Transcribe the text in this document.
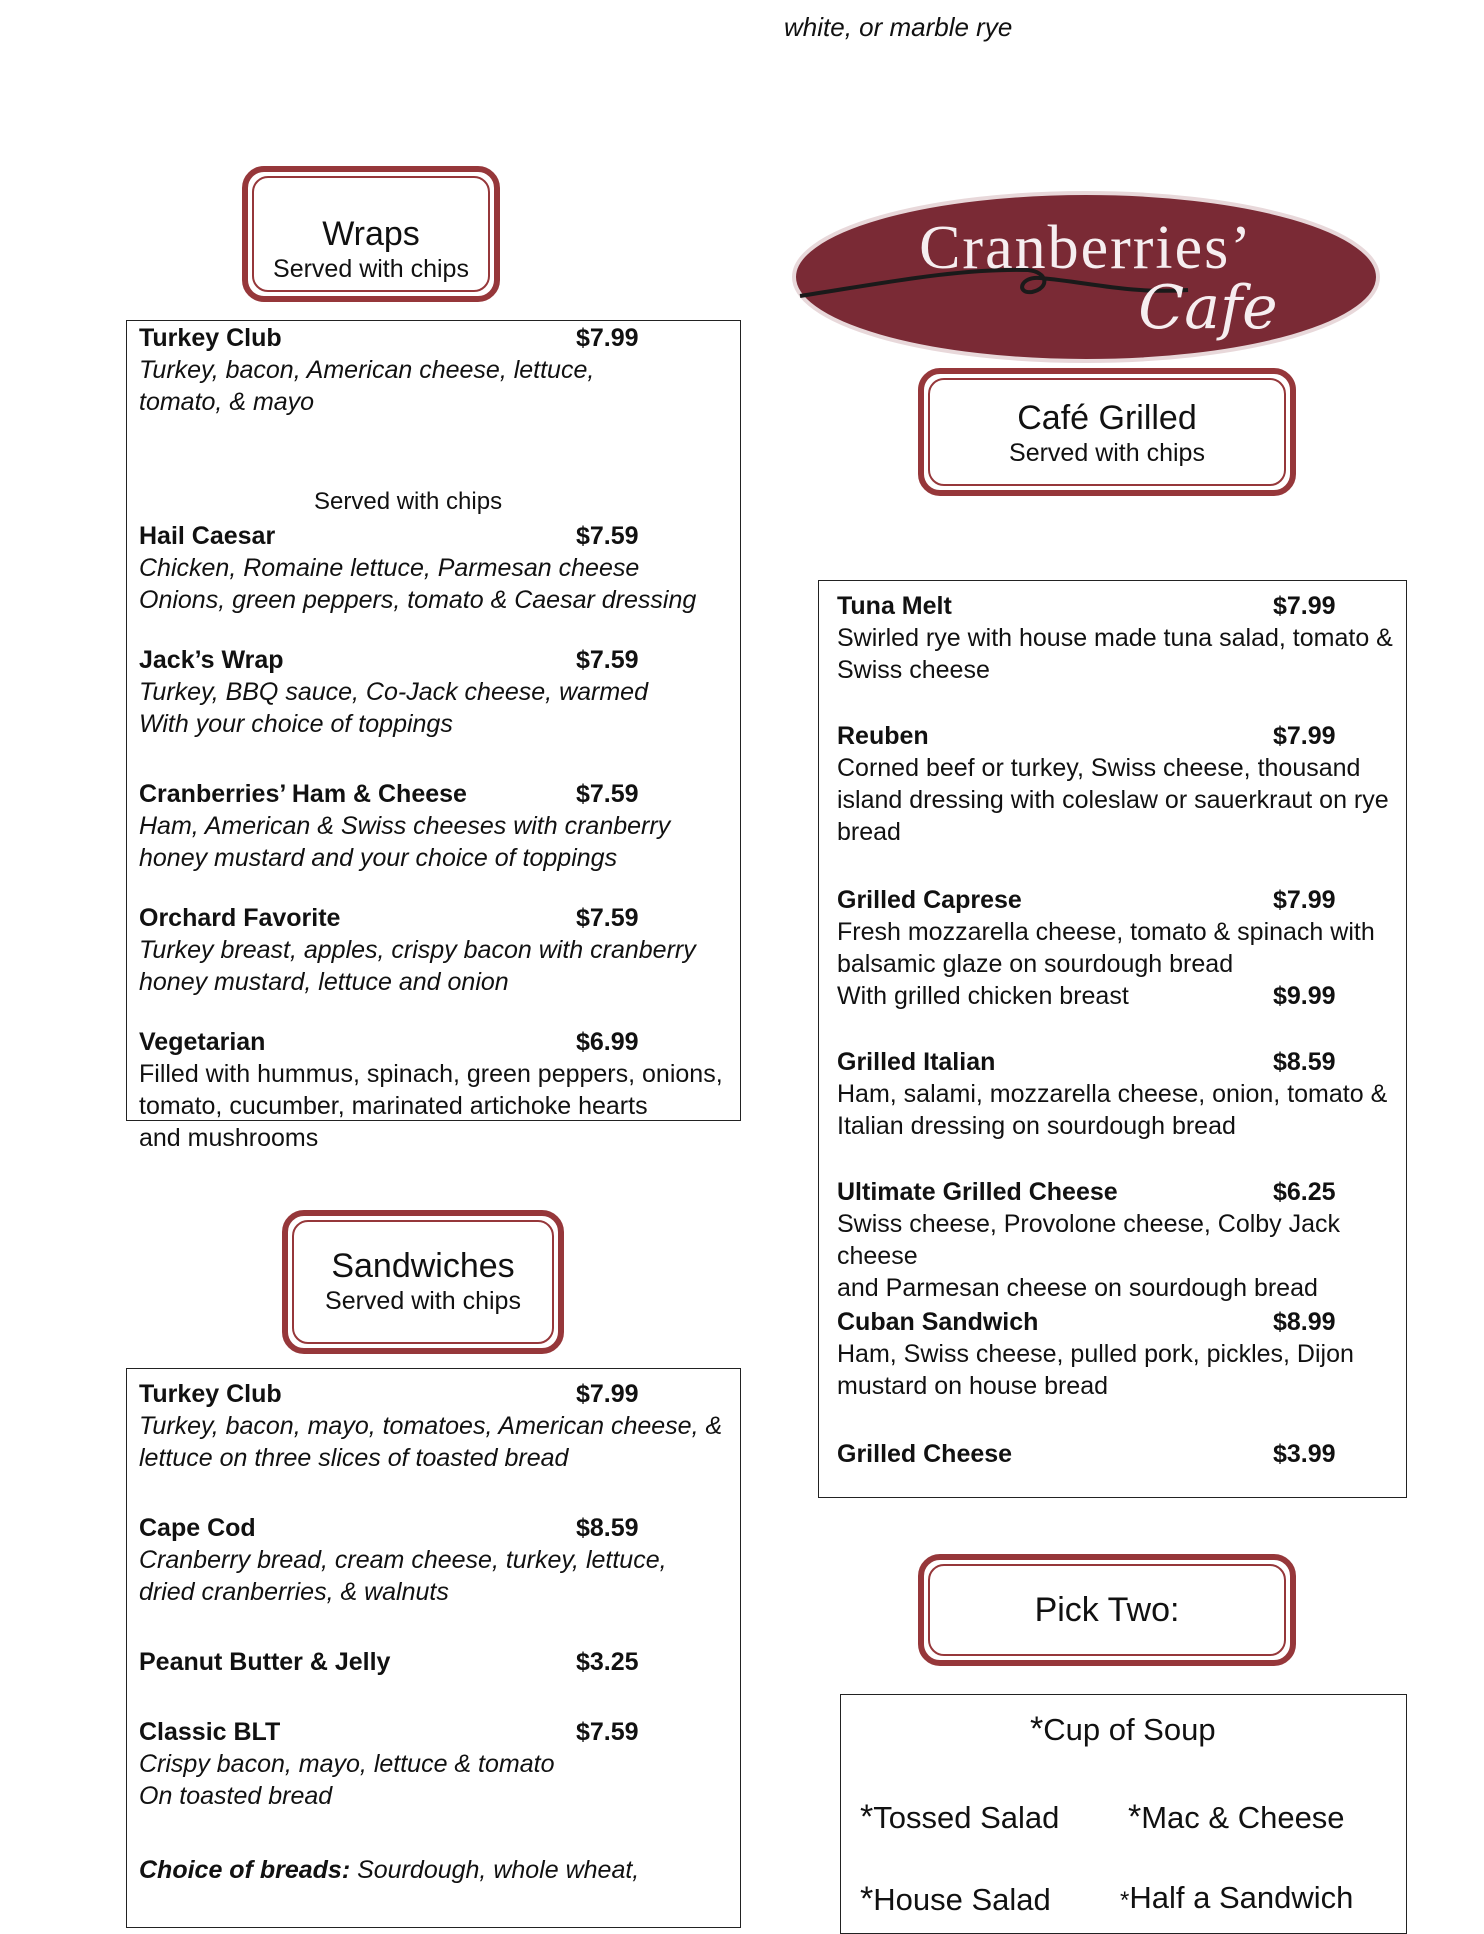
white, or marble rye
Wraps
Served with chips
Turkey Club	$7.99
Turkey, bacon, American cheese, lettuce,
tomato, & mayo
Served with chips
Hail Caesar	$7.59
Chicken, Romaine lettuce, Parmesan cheese
Onions, green peppers, tomato & Caesar dressing
Jack’s Wrap	$7.59
Turkey, BBQ sauce, Co-Jack cheese, warmed
With your choice of toppings
Cranberries’ Ham & Cheese	$7.59
Ham, American & Swiss cheeses with cranberry
honey mustard and your choice of toppings
Orchard Favorite	$7.59
Turkey breast, apples, crispy bacon with cranberry
honey mustard, lettuce and onion
Vegetarian	$6.99
Filled with hummus, spinach, green peppers, onions,
tomato, cucumber, marinated artichoke hearts
and mushrooms
Sandwiches
Served with chips
Turkey Club	$7.99
Turkey, bacon, mayo, tomatoes, American cheese, &
lettuce on three slices of toasted bread
Cape Cod	$8.59
Cranberry bread, cream cheese, turkey, lettuce,
dried cranberries, & walnuts
Peanut Butter & Jelly	$3.25
Classic BLT	$7.59
Crispy bacon, mayo, lettuce & tomato
On toasted bread
Choice of breads: Sourdough, whole wheat,
Cranberries’
Cafe
Café Grilled
Served with chips
Tuna Melt	$7.99
Swirled rye with house made tuna salad, tomato &
Swiss cheese
Reuben	$7.99
Corned beef or turkey, Swiss cheese, thousand
island dressing with coleslaw or sauerkraut on rye
bread
Grilled Caprese	$7.99
Fresh mozzarella cheese, tomato & spinach with
balsamic glaze on sourdough bread
With grilled chicken breast	$9.99
Grilled Italian	$8.59
Ham, salami, mozzarella cheese, onion, tomato &
Italian dressing on sourdough bread
Ultimate Grilled Cheese	$6.25
Swiss cheese, Provolone cheese, Colby Jack cheese
and Parmesan cheese on sourdough bread
Cuban Sandwich	$8.99
Ham, Swiss cheese, pulled pork, pickles, Dijon
mustard on house bread
Grilled Cheese	$3.99
Pick Two:
*Cup of Soup
*Tossed Salad *Mac & Cheese
*House Salad	*Half a Sandwich
